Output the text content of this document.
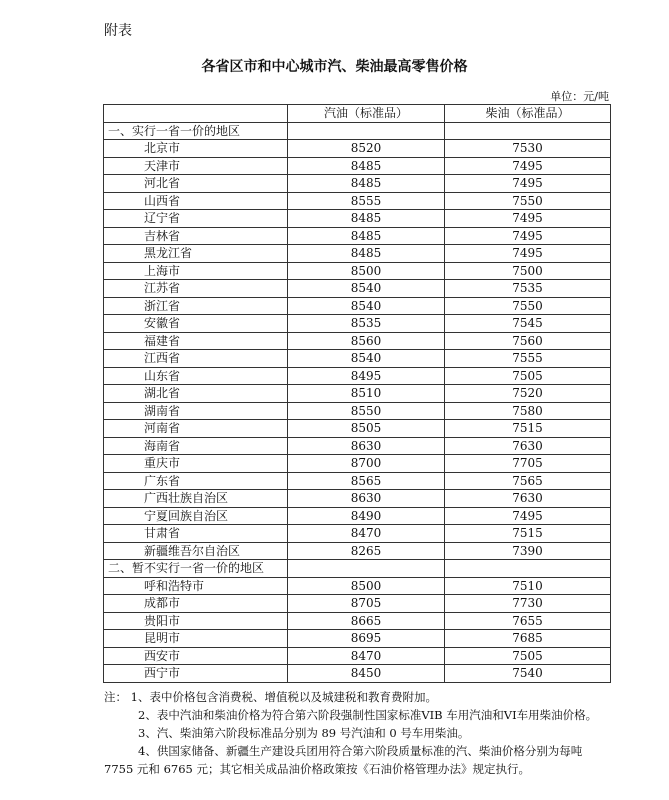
附表
各省区市和中心城市汽、柴油最高零售价格
单位：元/吨
	汽油（标准品）	柴油（标准品）
一、实行一省一价的地区		
北京市	8520	7530
天津市	8485	7495
河北省	8485	7495
山西省	8555	7550
辽宁省	8485	7495
吉林省	8485	7495
黑龙江省	8485	7495
上海市	8500	7500
江苏省	8540	7535
浙江省	8540	7550
安徽省	8535	7545
福建省	8560	7560
江西省	8540	7555
山东省	8495	7505
湖北省	8510	7520
湖南省	8550	7580
河南省	8505	7515
海南省	8630	7630
重庆市	8700	7705
广东省	8565	7565
广西壮族自治区	8630	7630
宁夏回族自治区	8490	7495
甘肃省	8470	7515
新疆维吾尔自治区	8265	7390
二、暂不实行一省一价的地区		
呼和浩特市	8500	7510
成都市	8705	7730
贵阳市	8665	7655
昆明市	8695	7685
西安市	8470	7505
西宁市	8450	7540

注： 1、表中价格包含消费税、增值税以及城建税和教育费附加。

2、表中汽油和柴油价格为符合第六阶段强制性国家标准VIB 车用汽油和VI车用柴油价格。

3、汽、柴油第六阶段标准品分别为 89 号汽油和 0 号车用柴油。

4、供国家储备、新疆生产建设兵团用符合第六阶段质量标准的汽、柴油价格分别为每吨 7755 元和 6765 元；其它相关成品油价格政策按《石油价格管理办法》规定执行。
